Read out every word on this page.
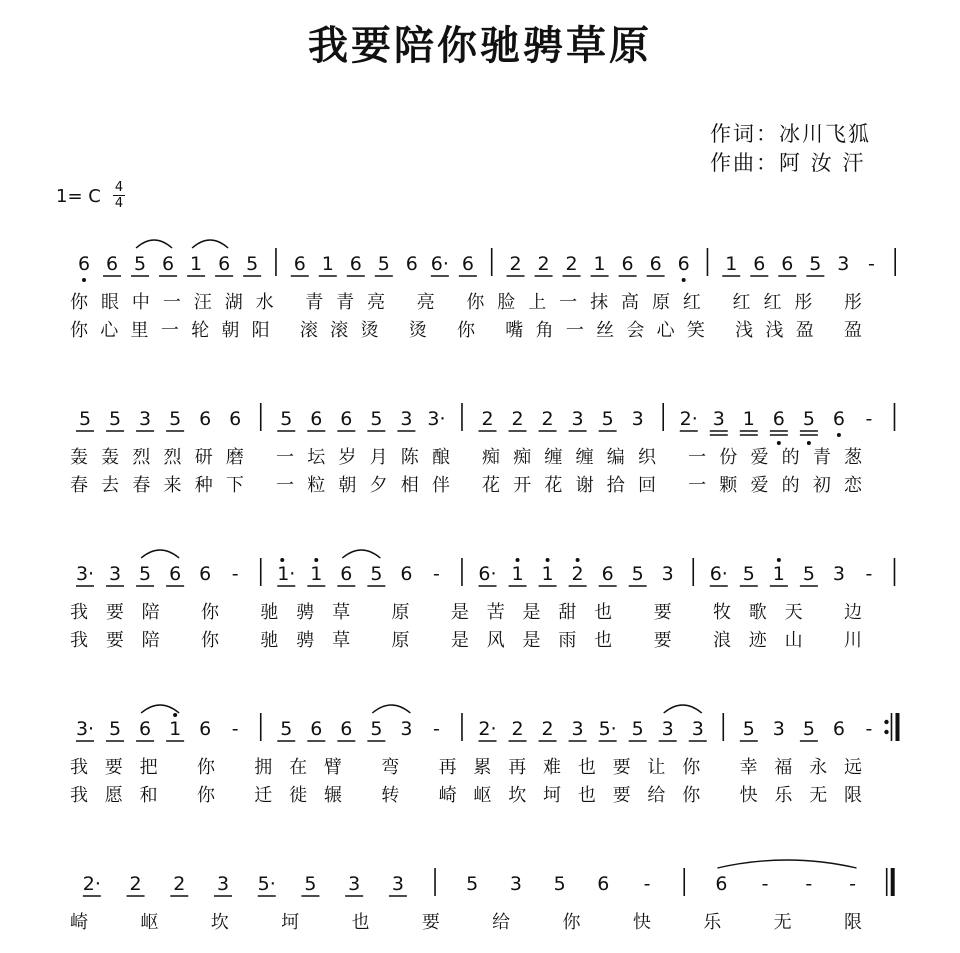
我要陪你驰骋草原
作词：冰川飞狐
作曲：阿 汝 汗
1= C 4
4
6 6 5 6 1 6 5 6 1 6 5 6 6· 6 2 2 2 1 6 6 6 1 6 6 5 3 -
你眼中一汪湖水 青青亮 亮 你脸上一抹高原红 红红彤 彤
你心里一轮朝阳 滚滚烫 烫 你 嘴角一丝会心笑 浅浅盈 盈
5 5 3 5 6 6 5 6 6 5 3 3· 2 2 2 3 5 3 2· 3 1 6 5 6 -
轰轰烈烈研磨 一坛岁月陈酿 痴痴缠缠编织 一份爱的青葱
春去春来种下 一粒朝夕相伴 花开花谢拾回 一颗爱的初恋
3· 3 5 6 6 - 1· 1 6 5 6 - 6· 1 1 2 6 5 3 6· 5 1 5 3 -
我要陪 你 驰骋草 原 是苦是甜也 要 牧歌天 边
我要陪 你 驰骋草 原 是风是雨也 要 浪迹山 川
3· 5 6 1 6 - 5 6 6 5 3 - 2· 2 2 3 5· 5 3 3 5 3 5 6 -
我要把 你 拥在臂 弯 再累再难也要让你 幸福永远
我愿和 你 迁徙辗 转 崎岖坎坷也要给你 快乐无限
2· 2 2 3 5· 5 3 3	5 3 5 6 -	6 - - -
崎 岖 坎 坷 也 要 给 你 快 乐 无 限
